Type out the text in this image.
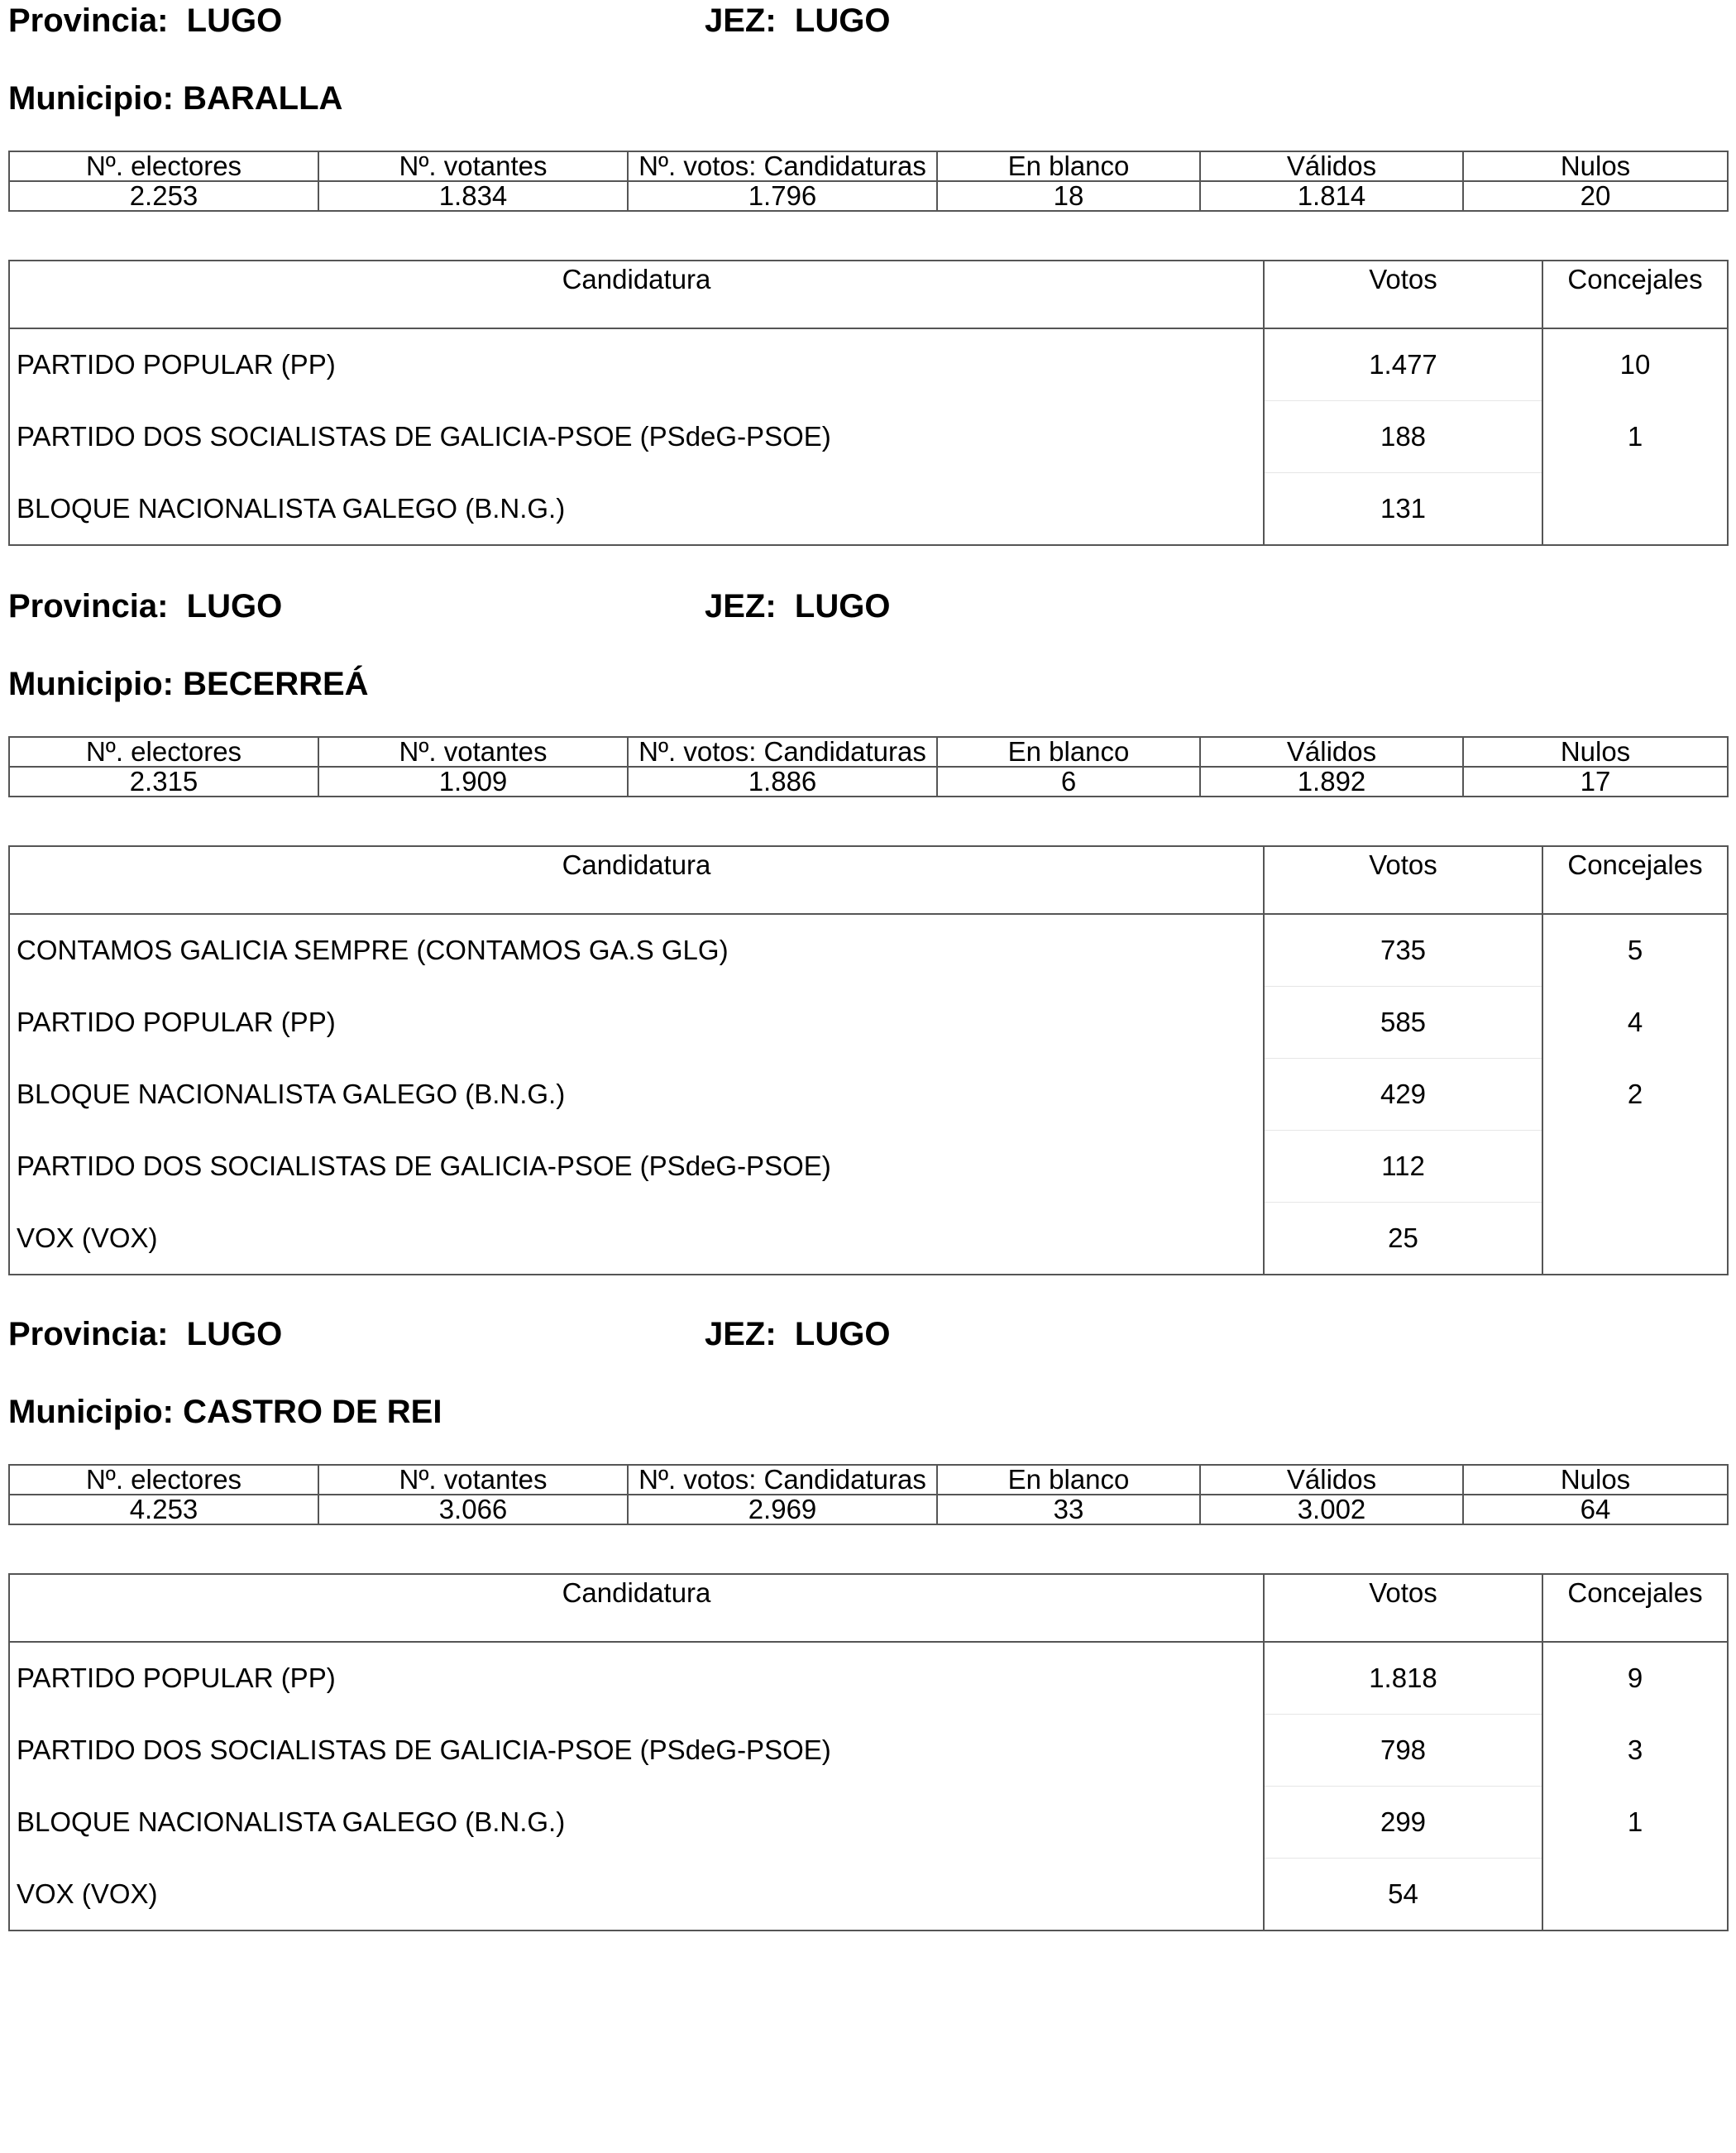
Provincia: LUGO	JEZ: LUGO
Municipio: BARALLA
Nº. electores	Nº. votantes	Nº. votos: Candidaturas	En blanco	Válidos	Nulos
2.253	1.834	1.796	18	1.814	20
Candidatura	Votos	Concejales
PARTIDO POPULAR (PP)	1.477	10
PARTIDO DOS SOCIALISTAS DE GALICIA-PSOE (PSdeG-PSOE)	188	1
BLOQUE NACIONALISTA GALEGO (B.N.G.)	131	
Provincia: LUGO	JEZ: LUGO
Municipio: BECERREÁ
Nº. electores	Nº. votantes	Nº. votos: Candidaturas	En blanco	Válidos	Nulos
2.315	1.909	1.886	6	1.892	17
Candidatura	Votos	Concejales
CONTAMOS GALICIA SEMPRE (CONTAMOS GA.S GLG)	735	5
PARTIDO POPULAR (PP)	585	4
BLOQUE NACIONALISTA GALEGO (B.N.G.)	429	2
PARTIDO DOS SOCIALISTAS DE GALICIA-PSOE (PSdeG-PSOE)	112	
VOX (VOX)	25	
Provincia: LUGO	JEZ: LUGO
Municipio: CASTRO DE REI
Nº. electores	Nº. votantes	Nº. votos: Candidaturas	En blanco	Válidos	Nulos
4.253	3.066	2.969	33	3.002	64
Candidatura	Votos	Concejales
PARTIDO POPULAR (PP)	1.818	9
PARTIDO DOS SOCIALISTAS DE GALICIA-PSOE (PSdeG-PSOE)	798	3
BLOQUE NACIONALISTA GALEGO (B.N.G.)	299	1
VOX (VOX)	54	
